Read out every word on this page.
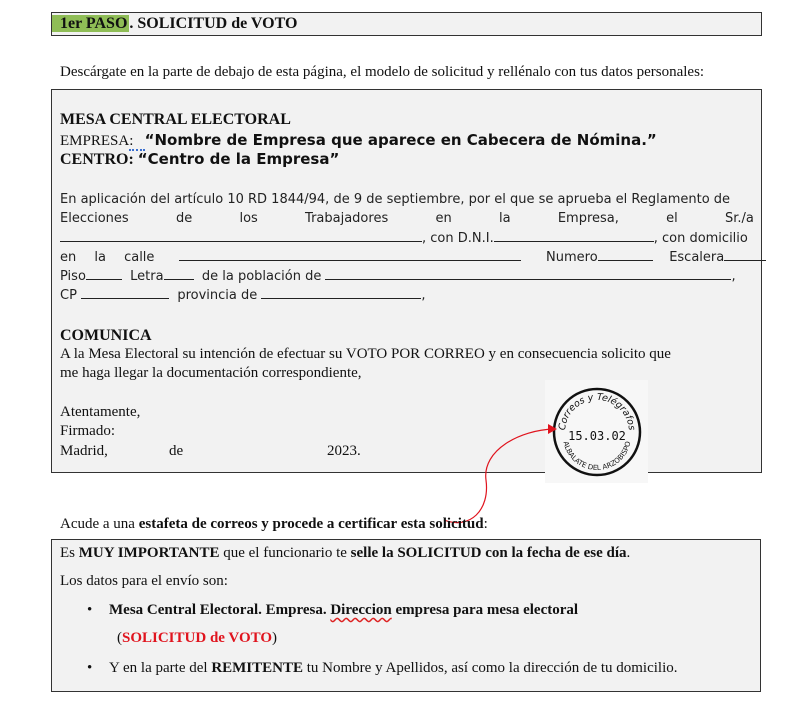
1er PASO . SOLICITUD de VOTO
Descárgate en la parte de debajo de esta página, el modelo de solicitud y rellénalo con tus datos personales:
MESA CENTRAL ELECTORAL
EMPRESA: “Nombre de Empresa que aparece en Cabecera de Nómina.”
CENTRO: “Centro de la Empresa”
En aplicación del artículo 10 RD 1844/94, de 9 de septiembre, por el que se aprueba el Reglamento de
Elecciones	de	los	Trabajadores	en	la	Empresa,	el	Sr./a
, con D.N.I.	, con domicilio
en la calle	Numero	Escalera
Piso	Letra	de la población de	,
CP	provincia de	,
COMUNICA
A la Mesa Electoral su intención de efectuar su VOTO POR CORREO y en consecuencia solicito que
me haga llegar la documentación correspondiente,
Atentamente,
Firmado:
Madrid,	de	2023.
Correos y Telégrafos
ALBALATE DEL ARZOBISPO
15.03.02
Acude a una estafeta de correos y procede a certificar esta solicitud:
Es MUY IMPORTANTE que el funcionario te selle la SOLICITUD con la fecha de ese día.
Los datos para el envío son:
• Mesa Central Electoral. Empresa. Direccion empresa para mesa electoral
(SOLICITUD de VOTO)
• Y en la parte del REMITENTE tu Nombre y Apellidos, así como la dirección de tu domicilio.
